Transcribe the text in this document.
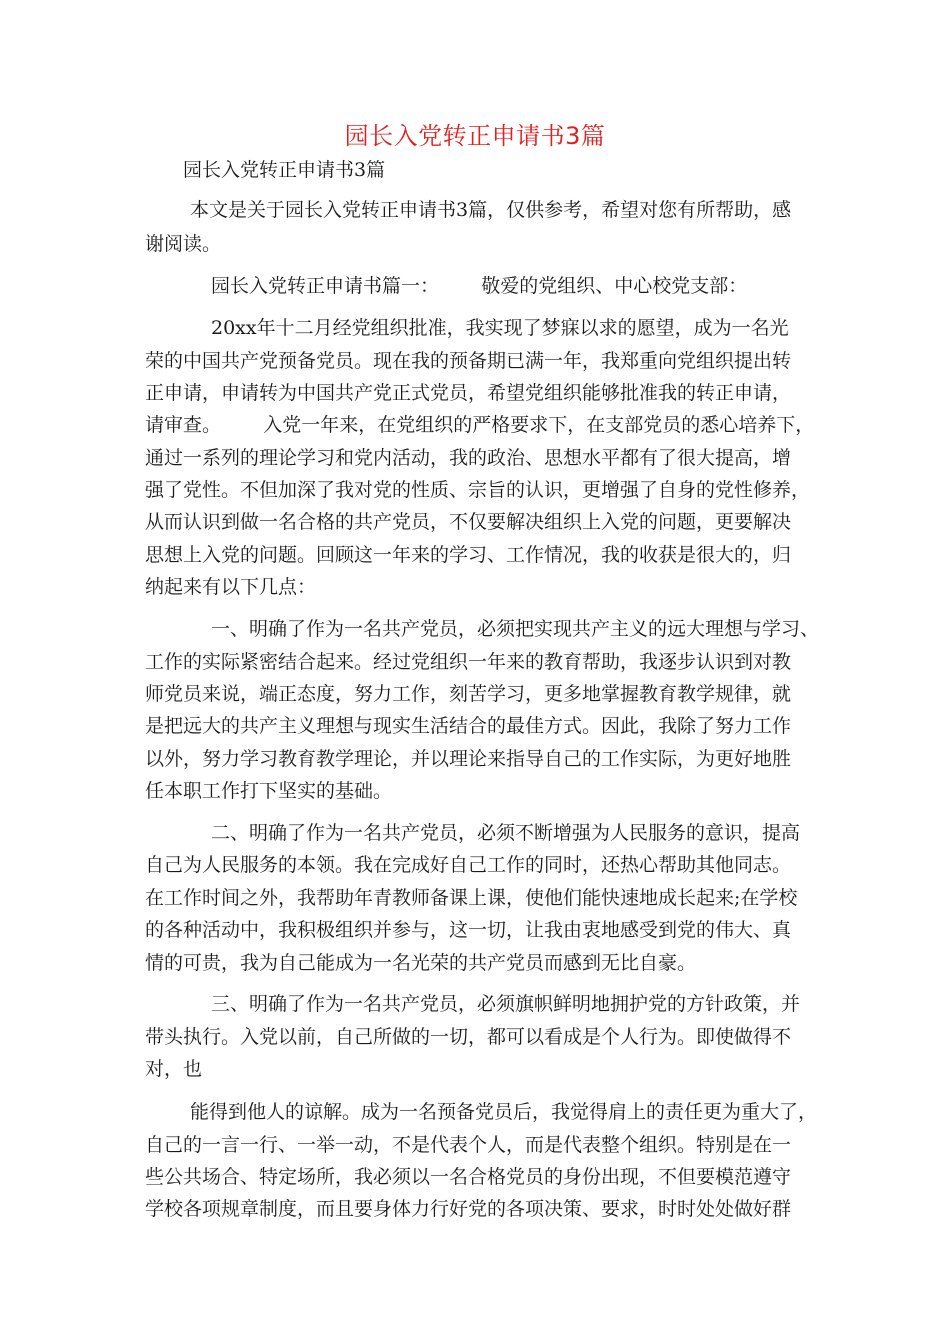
园长入党转正申请书3篇
园长入党转正申请书3篇
本文是关于园长入党转正申请书3篇，仅供参考，希望对您有所帮助，感
谢阅读。
园长入党转正申请书篇一：       敬爱的党组织、中心校党支部：
20xx年十二月经党组织批准，我实现了梦寐以求的愿望，成为一名光
荣的中国共产党预备党员。现在我的预备期已满一年，我郑重向党组织提出转
正申请，申请转为中国共产党正式党员，希望党组织能够批准我的转正申请，
请审查。       入党一年来，在党组织的严格要求下，在支部党员的悉心培养下，
通过一系列的理论学习和党内活动，我的政治、思想水平都有了很大提高，增
强了党性。不但加深了我对党的性质、宗旨的认识，更增强了自身的党性修养，
从而认识到做一名合格的共产党员，不仅要解决组织上入党的问题，更要解决
思想上入党的问题。回顾这一年来的学习、工作情况，我的收获是很大的，归
纳起来有以下几点：
一、明确了作为一名共产党员，必须把实现共产主义的远大理想与学习、
工作的实际紧密结合起来。经过党组织一年来的教育帮助，我逐步认识到对教
师党员来说，端正态度，努力工作，刻苦学习，更多地掌握教育教学规律，就
是把远大的共产主义理想与现实生活结合的最佳方式。因此，我除了努力工作
以外，努力学习教育教学理论，并以理论来指导自己的工作实际，为更好地胜
任本职工作打下坚实的基础。
二、明确了作为一名共产党员，必须不断增强为人民服务的意识，提高
自己为人民服务的本领。我在完成好自己工作的同时，还热心帮助其他同志。
在工作时间之外，我帮助年青教师备课上课，使他们能快速地成长起来;在学校
的各种活动中，我积极组织并参与，这一切，让我由衷地感受到党的伟大、真
情的可贵，我为自己能成为一名光荣的共产党员而感到无比自豪。
三、明确了作为一名共产党员，必须旗帜鲜明地拥护党的方针政策，并
带头执行。入党以前，自己所做的一切，都可以看成是个人行为。即使做得不
对，也
能得到他人的谅解。成为一名预备党员后，我觉得肩上的责任更为重大了，
自己的一言一行、一举一动，不是代表个人，而是代表整个组织。特别是在一
些公共场合、特定场所，我必须以一名合格党员的身份出现，不但要模范遵守
学校各项规章制度，而且要身体力行好党的各项决策、要求，时时处处做好群
